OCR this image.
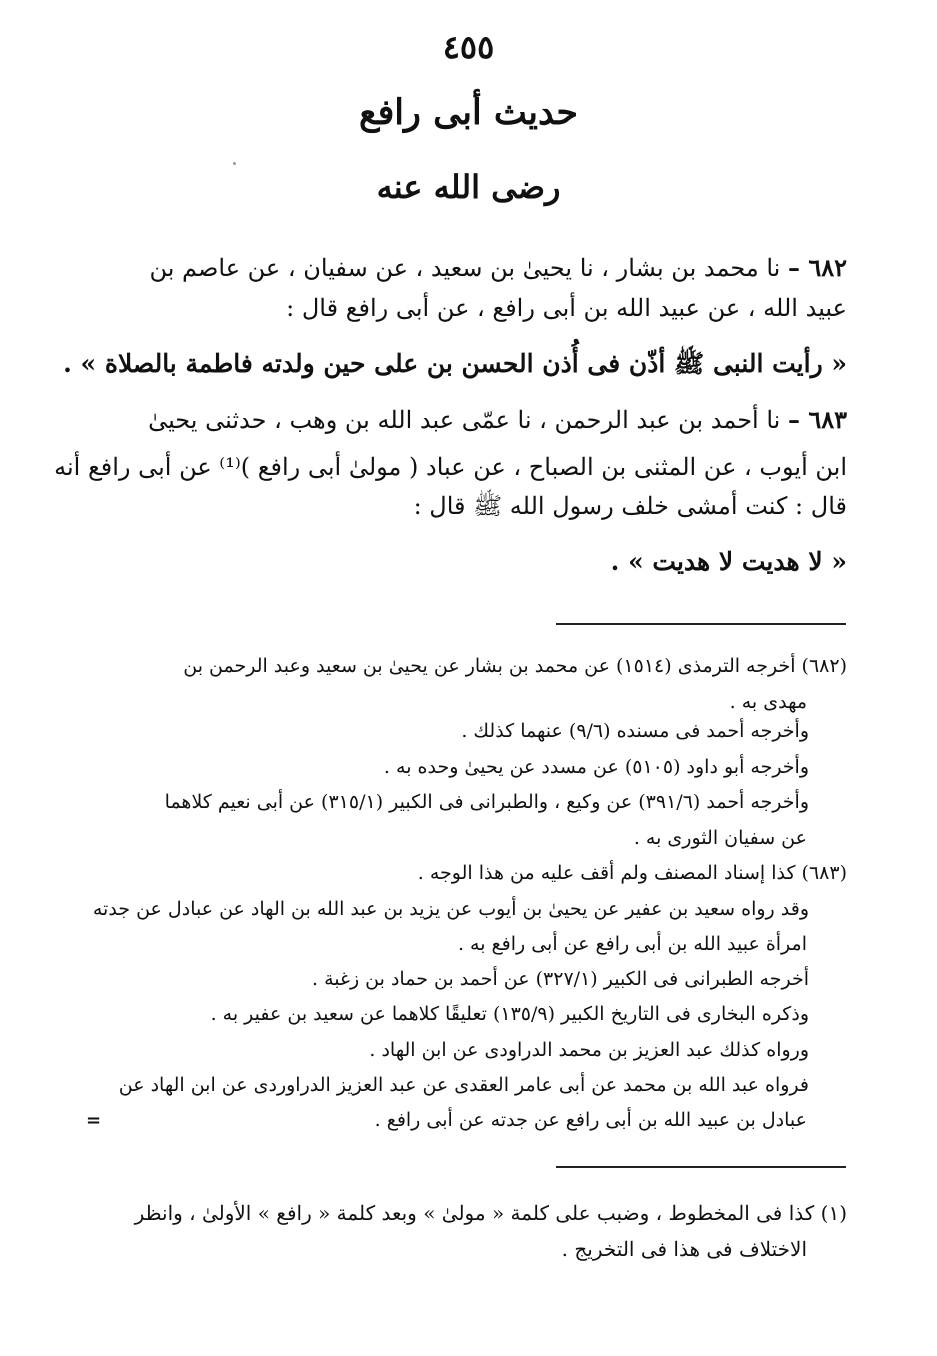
٤٥٥
حديث أبى رافع
رضى الله عنه
٦٨٢ – نا محمد بن بشار ، نا يحيىٰ بن سعيد ، عن سفيان ، عن عاصم بن
عبيد الله ، عن عبيد الله بن أبى رافع ، عن أبى رافع قال :
« رأيت النبى ﷺ أذّن فى أُذن الحسن بن على حين ولدته فاطمة بالصلاة » .
٦٨٣ – نا أحمد بن عبد الرحمن ، نا عمّى عبد الله بن وهب ، حدثنى يحيىٰ
ابن أيوب ، عن المثنى بن الصباح ، عن عباد ( مولىٰ أبى رافع )⁽¹⁾ عن أبى رافع أنه
قال : كنت أمشى خلف رسول الله ﷺ قال :
« لا هديت لا هديت » .
(٦٨٢) أخرجه الترمذى (١٥١٤) عن محمد بن بشار عن يحيىٰ بن سعيد وعبد الرحمن بن
مهدى به .
وأخرجه أحمد فى مسنده (٩/٦) عنهما كذلك .
وأخرجه أبو داود (٥١٠٥) عن مسدد عن يحيىٰ وحده به .
وأخرجه أحمد (٣٩١/٦) عن وكيع ، والطبرانى فى الكبير (٣١٥/١) عن أبى نعيم كلاهما
عن سفيان الثورى به .
(٦٨٣) كذا إسناد المصنف ولم أقف عليه من هذا الوجه .
وقد رواه سعيد بن عفير عن يحيىٰ بن أيوب عن يزيد بن عبد الله بن الهاد عن عبادل عن جدته
امرأة عبيد الله بن أبى رافع عن أبى رافع به .
أخرجه الطبرانى فى الكبير (٣٢٧/١) عن أحمد بن حماد بن زغبة .
وذكره البخارى فى التاريخ الكبير (١٣٥/٩) تعليقًا كلاهما عن سعيد بن عفير به .
ورواه كذلك عبد العزيز بن محمد الدراودى عن ابن الهاد .
فرواه عبد الله بن محمد عن أبى عامر العقدى عن عبد العزيز الدراوردى عن ابن الهاد عن
عبادل بن عبيد الله بن أبى رافع عن جدته عن أبى رافع .
=
(١) كذا فى المخطوط ، وضبب على كلمة « مولىٰ » وبعد كلمة « رافع » الأولىٰ ، وانظر
الاختلاف فى هذا فى التخريج .
